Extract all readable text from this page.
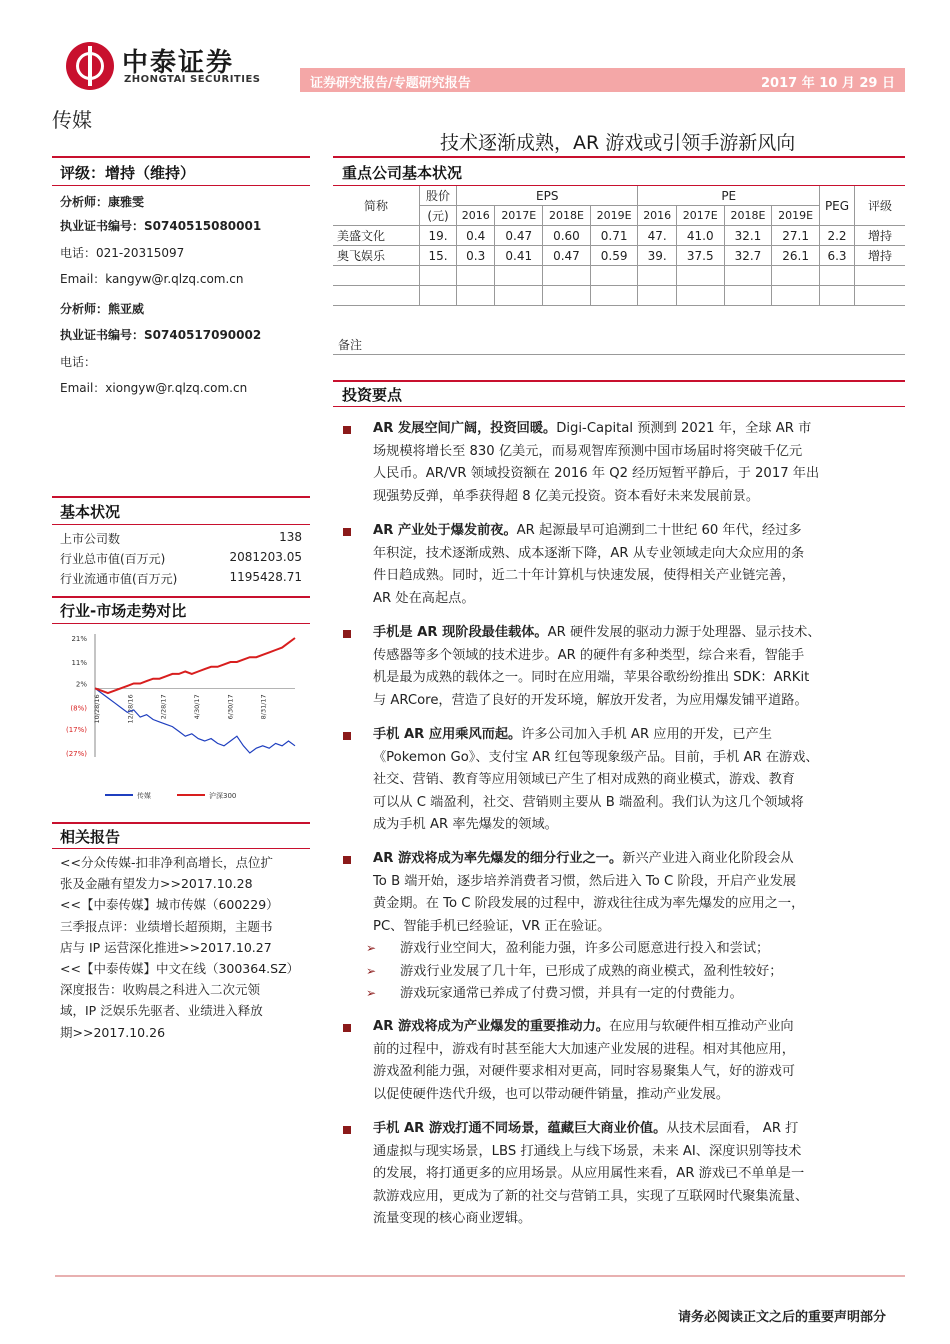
中泰证券
ZHONGTAI SECURITIES	证券研究报告/专题研究报告	2017 年 10 月 29 日
传媒
技术逐渐成熟，AR 游戏或引领手游新风向
评级：增持（维持）
分析师：康雅雯
执业证书编号：S0740515080001
电话：021-20315097
Email：kangyw@r.qlzq.com.cn
分析师：熊亚威
执业证书编号：S0740517090002
电话：
Email：xiongyw@r.qlzq.com.cn
基本状况
上市公司数	138
行业总市值(百万元)	2081203.05
行业流通市值(百万元)	1195428.71
行业-市场走势对比
21%
11%
2%
(8%)
(17%)
(27%)
10/28/16	12/28/16	2/28/17	4/30/17	6/30/17	8/31/17
传媒	沪深300
相关报告
<<分众传媒-扣非净利高增长，点位扩
张及金融有望发力>>2017.10.28
<<【中泰传媒】城市传媒（600229）
三季报点评：业绩增长超预期，主题书
店与 IP 运营深化推进>>2017.10.27
<<【中泰传媒】中文在线（300364.SZ）
深度报告：收购晨之科进入二次元领
域，IP 泛娱乐先驱者、业绩进入释放
期>>2017.10.26
重点公司基本状况
简称	股价	EPS				PE				PEG	评级
	(元)	2016	2017E	2018E	2019E	2016	2017E	2018E	2019E		
美盛文化	19.	0.4	0.47	0.60	0.71	47.	41.0	32.1	27.1	2.2	增持
奥飞娱乐	15.	0.3	0.41	0.47	0.59	39.	37.5	32.7	26.1	6.3	增持

备注
投资要点
AR 发展空间广阔，投资回暖。Digi-Capital 预测到 2021 年，全球 AR 市
场规模将增长至 830 亿美元，而易观智库预测中国市场届时将突破千亿元
人民币。AR/VR 领域投资额在 2016 年 Q2 经历短暂平静后，于 2017 年出
现强势反弹，单季获得超 8 亿美元投资。资本看好未来发展前景。
AR 产业处于爆发前夜。AR 起源最早可追溯到二十世纪 60 年代，经过多
年积淀，技术逐渐成熟、成本逐渐下降，AR 从专业领域走向大众应用的条
件日趋成熟。同时，近二十年计算机与快速发展，使得相关产业链完善，
AR 处在高起点。
手机是 AR 现阶段最佳载体。AR 硬件发展的驱动力源于处理器、显示技术、
传感器等多个领域的技术进步。AR 的硬件有多种类型，综合来看，智能手
机是最为成熟的载体之一。同时在应用端，苹果谷歌纷纷推出 SDK：ARKit
与 ARCore，营造了良好的开发环境，解放开发者，为应用爆发铺平道路。
手机 AR 应用乘风而起。许多公司加入手机 AR 应用的开发，已产生
《Pokemon Go》、支付宝 AR 红包等现象级产品。目前，手机 AR 在游戏、
社交、营销、教育等应用领域已产生了相对成熟的商业模式，游戏、教育
可以从 C 端盈利，社交、营销则主要从 B 端盈利。我们认为这几个领域将
成为手机 AR 率先爆发的领域。
AR 游戏将成为率先爆发的细分行业之一。新兴产业进入商业化阶段会从
To B 端开始，逐步培养消费者习惯，然后进入 To C 阶段，开启产业发展
黄金期。在 To C 阶段发展的过程中，游戏往往成为率先爆发的应用之一，
PC、智能手机已经验证，VR 正在验证。
➢ 游戏行业空间大，盈利能力强，许多公司愿意进行投入和尝试；
➢ 游戏行业发展了几十年，已形成了成熟的商业模式，盈利性较好；
➢ 游戏玩家通常已养成了付费习惯，并具有一定的付费能力。
AR 游戏将成为产业爆发的重要推动力。在应用与软硬件相互推动产业向
前的过程中，游戏有时甚至能大大加速产业发展的进程。相对其他应用，
游戏盈利能力强，对硬件要求相对更高，同时容易聚集人气，好的游戏可
以促使硬件迭代升级，也可以带动硬件销量，推动产业发展。
手机 AR 游戏打通不同场景，蕴藏巨大商业价值。从技术层面看， AR 打
通虚拟与现实场景，LBS 打通线上与线下场景，未来 AI、深度识别等技术
的发展，将打通更多的应用场景。从应用属性来看，AR 游戏已不单单是一
款游戏应用，更成为了新的社交与营销工具，实现了互联网时代聚集流量、
流量变现的核心商业逻辑。
请务必阅读正文之后的重要声明部分
